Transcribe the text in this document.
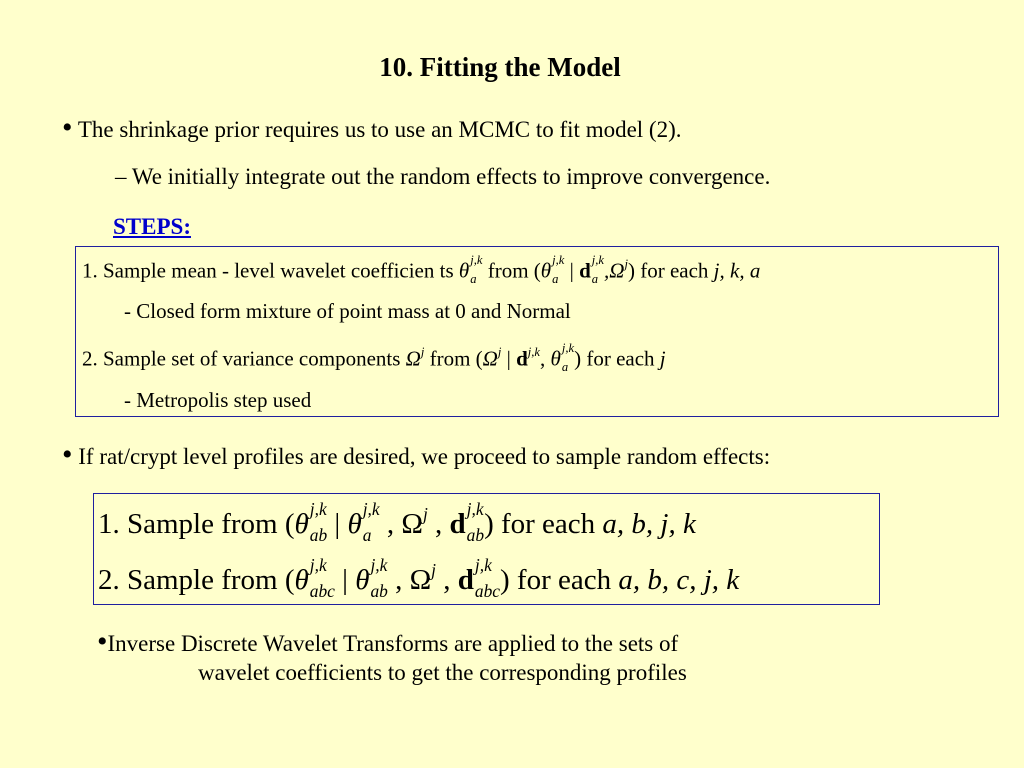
10. Fitting the Model
• The shrinkage prior requires us to use an MCMC to fit model (2).
– We initially integrate out the random effects to improve convergence.
STEPS:
1. Sample mean - level wavelet coefficien ts θ j,k
a from (θ j,k
a | d j,k
a $,\Omega^j$) for each j, k, a
- Closed form mixture of point mass at 0 and Normal
2. Sample set of variance components $\Omega^j$ from ($\Omega^j$ | $d^{j,k}$, θ j,k
a ) for each j
- Metropolis step used
• If rat/crypt level profiles are desired, we proceed to sample random effects:
1. Sample from (θ j,k
ab | θ j,k
a , $\Omega^j$ , d j,k
ab ) for each a, b, j, k
2. Sample from (θ j,k
abc | θ j,k
ab , $\Omega^j$ , d j,k
abc ) for each a, b, c, j, k
•Inverse Discrete Wavelet Transforms are applied to the sets of
wavelet coefficients to get the corresponding profiles
